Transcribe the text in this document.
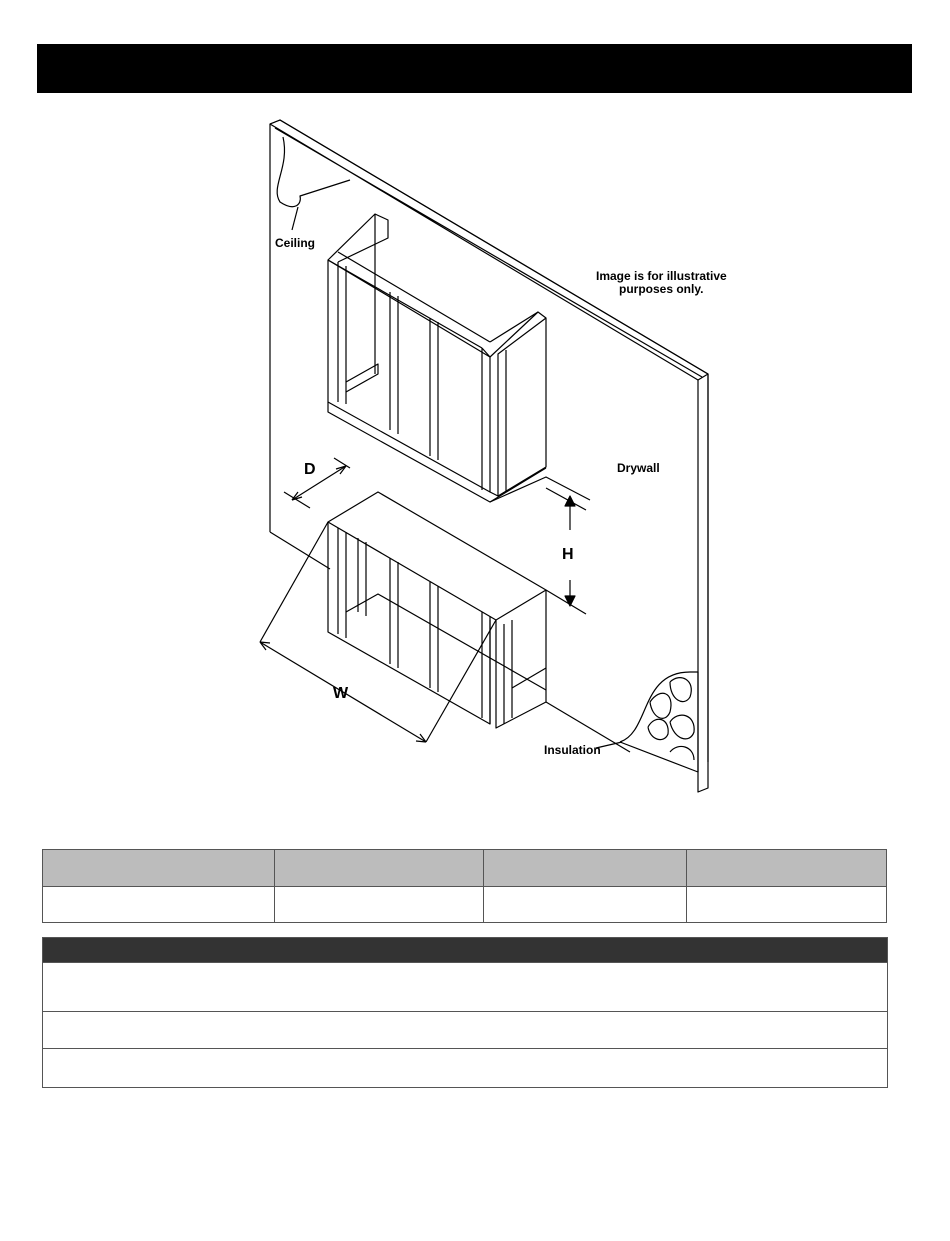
Ceiling
Image is for illustrative
purposes only.
Drywall
Insulation
D
H
W
